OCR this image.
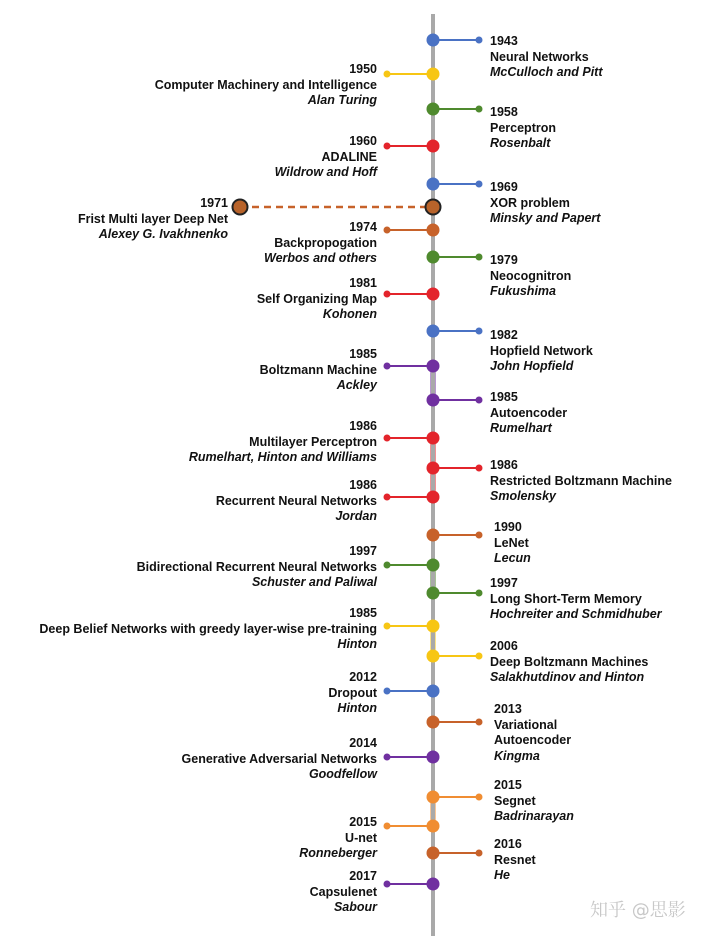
1943
Neural Networks
McCulloch and Pitt
1950
Computer Machinery and Intelligence
Alan Turing
1958
Perceptron
Rosenbalt
1960
ADALINE
Wildrow and Hoff
1969
XOR problem
Minsky and Papert
1971
Frist Multi layer Deep Net
Alexey G. Ivakhnenko	1974
Backpropogation
Werbos and others	1979
Neocognitron
Fukushima
1981
Self Organizing Map
Kohonen
1982
Hopfield Network
John Hopfield
1985
Boltzmann Machine
Ackley
1985
Autoencoder
Rumelhart
1986
Multilayer Perceptron
Rumelhart, Hinton and Williams
1986
Restricted Boltzmann Machine
Smolensky
1986
Recurrent Neural Networks
Jordan
1990
LeNet
Lecun
1997
Bidirectional Recurrent Neural Networks
Schuster and Paliwal	1997
Long Short-Term Memory
Hochreiter and Schmidhuber
1985
Deep Belief Networks with greedy layer-wise pre-training
Hinton	2006
Deep Boltzmann Machines
Salakhutdinov and Hinton
2012
Dropout
Hinton	2013
Variational
Autoencoder
Kingma
2014
Generative Adversarial Networks
Goodfellow
2015
Segnet
Badrinarayan
2015
U-net
Ronneberger
2016
Resnet
He
2017
Capsulenet
Sabour	知乎 @思影
